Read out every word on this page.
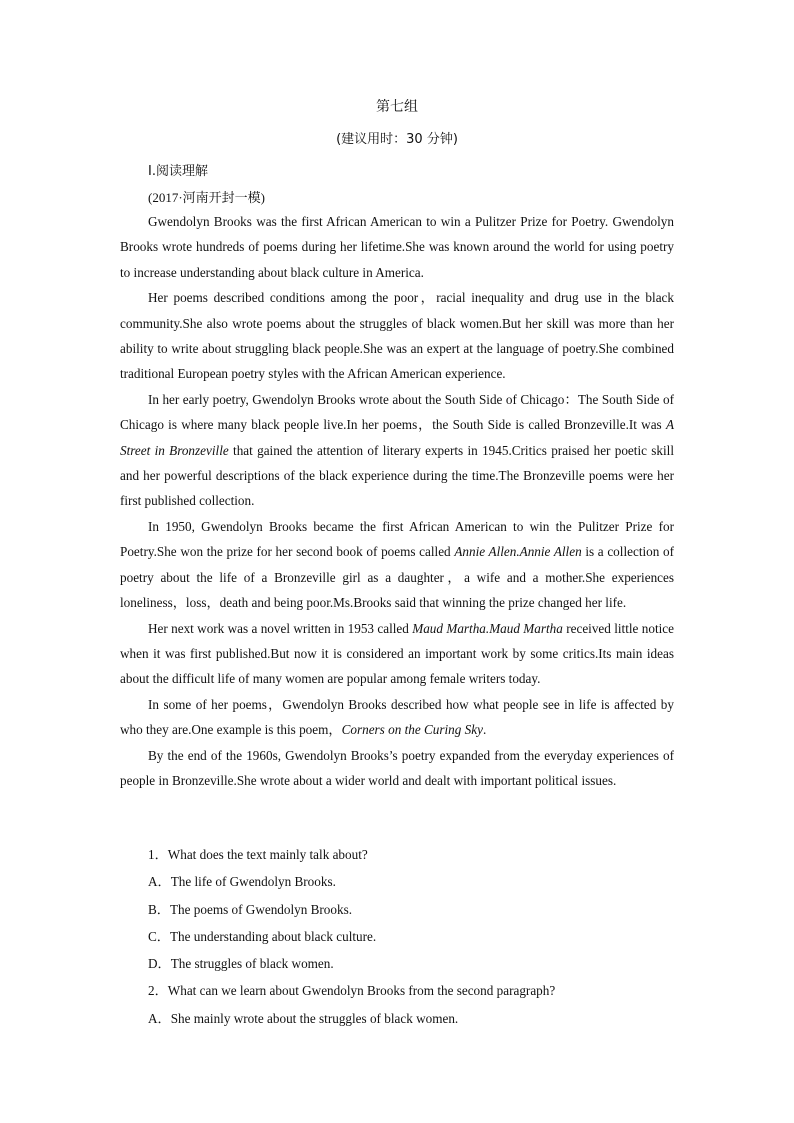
第七组
(建议用时：30 分钟)
Ⅰ.阅读理解
(2017·河南开封一模)

Gwendolyn Brooks was the first African American to win a Pulitzer Prize for Poetry. Gwendolyn Brooks wrote hundreds of poems during her lifetime.She was known around the world for using poetry to increase understanding about black culture in America.

Her poems described conditions among the poor，racial inequality and drug use in the black community.She also wrote poems about the struggles of black women.But her skill was more than her ability to write about struggling black people.She was an expert at the language of poetry.She combined traditional European poetry styles with the African American experience.

In her early poetry, Gwendolyn Brooks wrote about the South Side of Chicago：The South Side of Chicago is where many black people live.In her poems，the South Side is called Bronzeville.It was A Street in Bronzeville that gained the attention of literary experts in 1945.Critics praised her poetic skill and her powerful descriptions of the black experience during the time.The Bronzeville poems were her first published collection.

In 1950, Gwendolyn Brooks became the first African American to win the Pulitzer Prize for Poetry.She won the prize for her second book of poems called Annie Allen.Annie Allen is a collection of poetry about the life of a Bronzeville girl as a daughter，a wife and a mother.She experiences loneliness，loss，death and being poor.Ms.Brooks said that winning the prize changed her life.

Her next work was a novel written in 1953 called Maud Martha.Maud Martha received little notice when it was first published.But now it is considered an important work by some critics.Its main ideas about the difficult life of many women are popular among female writers today.

In some of her poems，Gwendolyn Brooks described how what people see in life is affected by who they are.One example is this poem，Corners on the Curing Sky.

By the end of the 1960s, Gwendolyn Brooks’s poetry expanded from the everyday experiences of people in Bronzeville.She wrote about a wider world and dealt with important political issues.

1．What does the text mainly talk about?
A．The life of Gwendolyn Brooks.
B．The poems of Gwendolyn Brooks.
C．The understanding about black culture.
D．The struggles of black women.
2．What can we learn about Gwendolyn Brooks from the second paragraph?
A．She mainly wrote about the struggles of black women.
